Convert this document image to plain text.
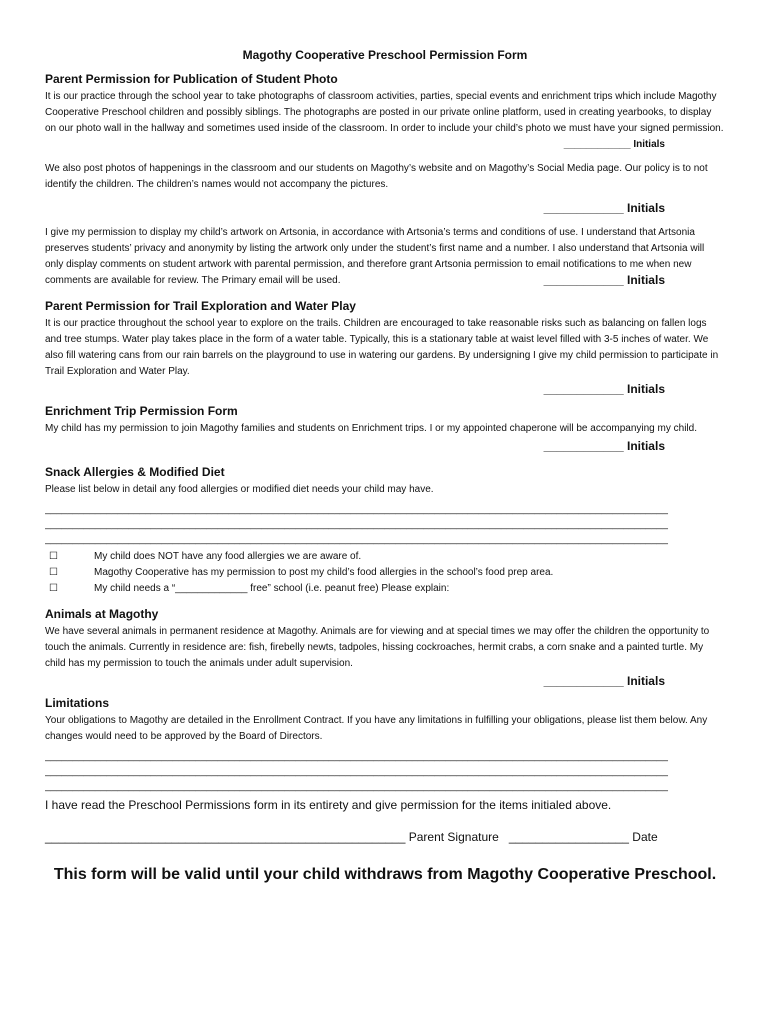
Magothy Cooperative Preschool Permission Form
Parent Permission for Publication of Student Photo

It is our practice through the school year to take photographs of classroom activities, parties, special events and enrichment trips which include Magothy Cooperative Preschool children and possibly siblings. The photographs are posted in our private online platform, used in creating yearbooks, to display on our photo wall in the hallway and sometimes used inside of the classroom. In order to include your child’s photo we must have your signed permission.

____________ Initials

We also post photos of happenings in the classroom and our students on Magothy’s website and on Magothy’s Social Media page. Our policy is to not identify the children. The children’s names would not accompany the pictures.

____________ Initials

I give my permission to display my child’s artwork on Artsonia, in accordance with Artsonia’s terms and conditions of use. I understand that Artsonia preserves students’ privacy and anonymity by listing the artwork only under the student’s first name and a number. I also understand that Artsonia will only display comments on student artwork with parental permission, and therefore grant Artsonia permission to email notifications to me when new comments are available for review. The Primary email will be used.	____________ Initials

Parent Permission for Trail Exploration and Water Play

It is our practice throughout the school year to explore on the trails. Children are encouraged to take reasonable risks such as balancing on fallen logs and tree stumps. Water play takes place in the form of a water table. Typically, this is a stationary table at waist level filled with 3-5 inches of water. We also fill watering cans from our rain barrels on the playground to use in watering our gardens. By undersigning I give my child permission to participate in Trail Exploration and Water Play.

____________ Initials

Enrichment Trip Permission Form

My child has my permission to join Magothy families and students on Enrichment trips. I or my appointed chaperone will be accompanying my child.

____________ Initials

Snack Allergies & Modified Diet

Please list below in detail any food allergies or modified diet needs your child may have.

________________________________________________________________________________________________________________
________________________________________________________________________________________________________________
________________________________________________________________________________________________________________
☐	My child does NOT have any food allergies we are aware of.
☐	Magothy Cooperative has my permission to post my child’s food allergies in the school’s food prep area.
☐	My child needs a “_____________ free” school (i.e. peanut free) Please explain:
Animals at Magothy

We have several animals in permanent residence at Magothy. Animals are for viewing and at special times we may offer the children the opportunity to touch the animals. Currently in residence are: fish, firebelly newts, tadpoles, hissing cockroaches, hermit crabs, a corn snake and a painted turtle. My child has my permission to touch the animals under adult supervision.

____________ Initials

Limitations

Your obligations to Magothy are detailed in the Enrollment Contract. If you have any limitations in fulfilling your obligations, please list them below. Any changes would need to be approved by the Board of Directors.

________________________________________________________________________________________________________________
________________________________________________________________________________________________________________
________________________________________________________________________________________________________________

I have read the Preschool Permissions form in its entirety and give permission for the items initialed above.

______________________________________________________ Parent Signature __________________ Date
This form will be valid until your child withdraws from Magothy Cooperative Preschool.
